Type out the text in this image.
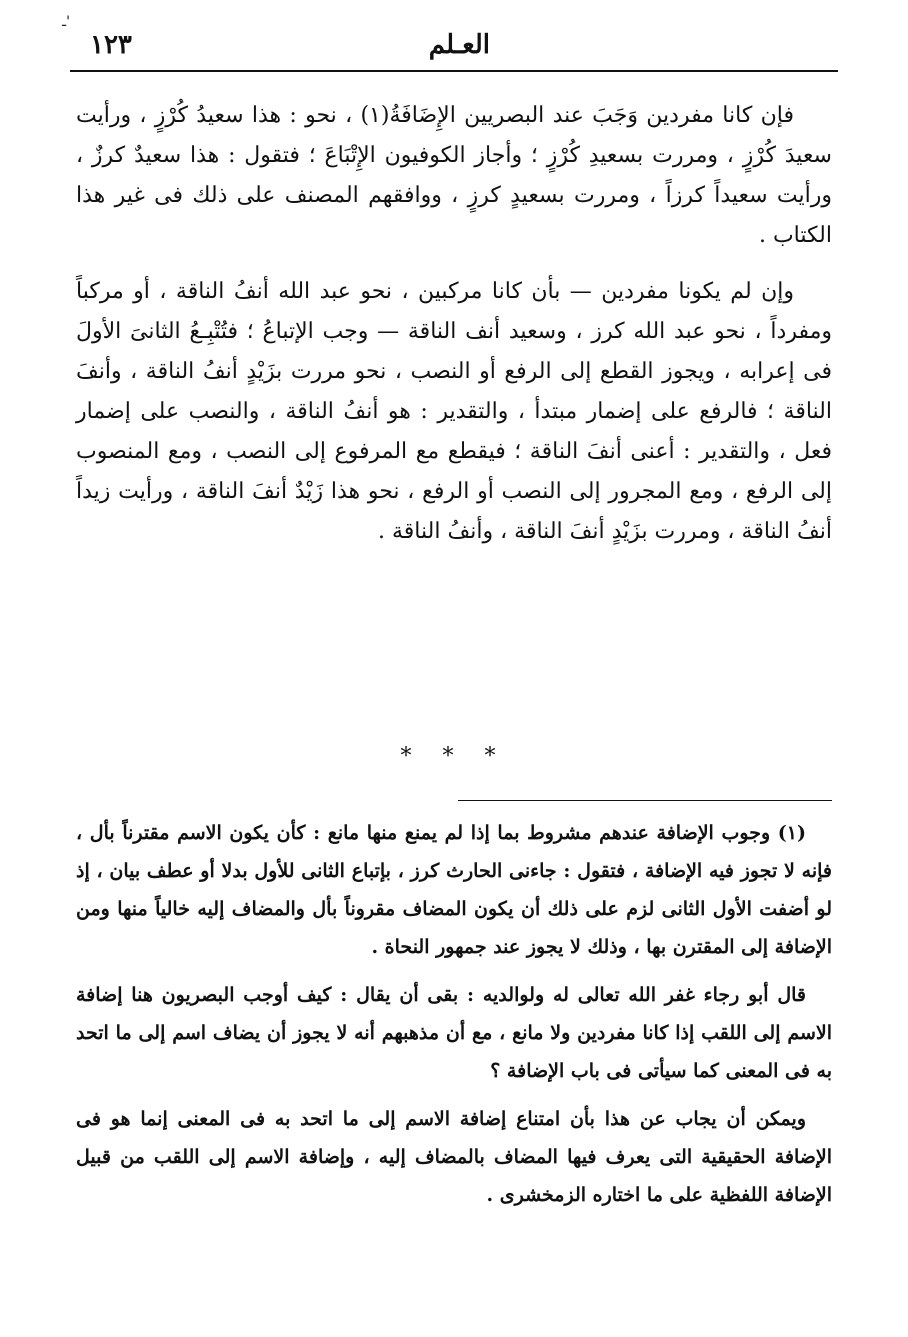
ـ'
العـلم
١٢٣

فإن كانا مفردين وَجَبَ عند البصريين الإِضَافَةُ(١) ، نحو : هذا سعيدُ كُرْزٍ ، ورأيت سعيدَ كُرْزٍ ، ومررت بسعيدِ كُرْزٍ ؛ وأجاز الكوفيون الإِتْبَاعَ ؛ فتقول : هذا سعيدٌ كرزٌ ، ورأيت سعيداً كرزاً ، ومررت بسعيدٍ كرزٍ ، ووافقهم المصنف على ذلك فى غير هذا الكتاب .

وإن لم يكونا مفردين — بأن كانا مركبين ، نحو عبد الله أنفُ الناقة ، أو مركباً ومفرداً ، نحو عبد الله كرز ، وسعيد أنف الناقة — وجب الإتباعُ ؛ فتُتْبِـعُ الثانىَ الأولَ فى إعرابه ، ويجوز القطع إلى الرفع أو النصب ، نحو مررت بزَيْدٍ أنفُ الناقة ، وأنفَ الناقة ؛ فالرفع على إضمار مبتدأ ، والتقدير : هو أنفُ الناقة ، والنصب على إضمار فعل ، والتقدير : أعنى أنفَ الناقة ؛ فيقطع مع المرفوع إلى النصب ، ومع المنصوب إلى الرفع ، ومع المجرور إلى النصب أو الرفع ، نحو هذا زَيْدٌ أنفَ الناقة ، ورأيت زيداً أنفُ الناقة ، ومررت بزَيْدٍ أنفَ الناقة ، وأنفُ الناقة .

* * *

(١) وجوب الإضافة عندهم مشروط بما إذا لم يمنع منها مانع : كأن يكون الاسم مقترناً بأل ، فإنه لا تجوز فيه الإضافة ، فتقول : جاءنى الحارث كرز ، بإتباع الثانى للأول بدلا أو عطف بيان ، إذ لو أضفت الأول الثانى لزم على ذلك أن يكون المضاف مقروناً بأل والمضاف إليه خالياً منها ومن الإضافة إلى المقترن بها ، وذلك لا يجوز عند جمهور النحاة .

قال أبو رجاء غفر الله تعالى له ولوالديه : بقى أن يقال : كيف أوجب البصريون هنا إضافة الاسم إلى اللقب إذا كانا مفردين ولا مانع ، مع أن مذهبهم أنه لا يجوز أن يضاف اسم إلى ما اتحد به فى المعنى كما سيأتى فى باب الإضافة ؟

ويمكن أن يجاب عن هذا بأن امتناع إضافة الاسم إلى ما اتحد به فى المعنى إنما هو فى الإضافة الحقيقية التى يعرف فيها المضاف بالمضاف إليه ، وإضافة الاسم إلى اللقب من قبيل الإضافة اللفظية على ما اختاره الزمخشرى .
